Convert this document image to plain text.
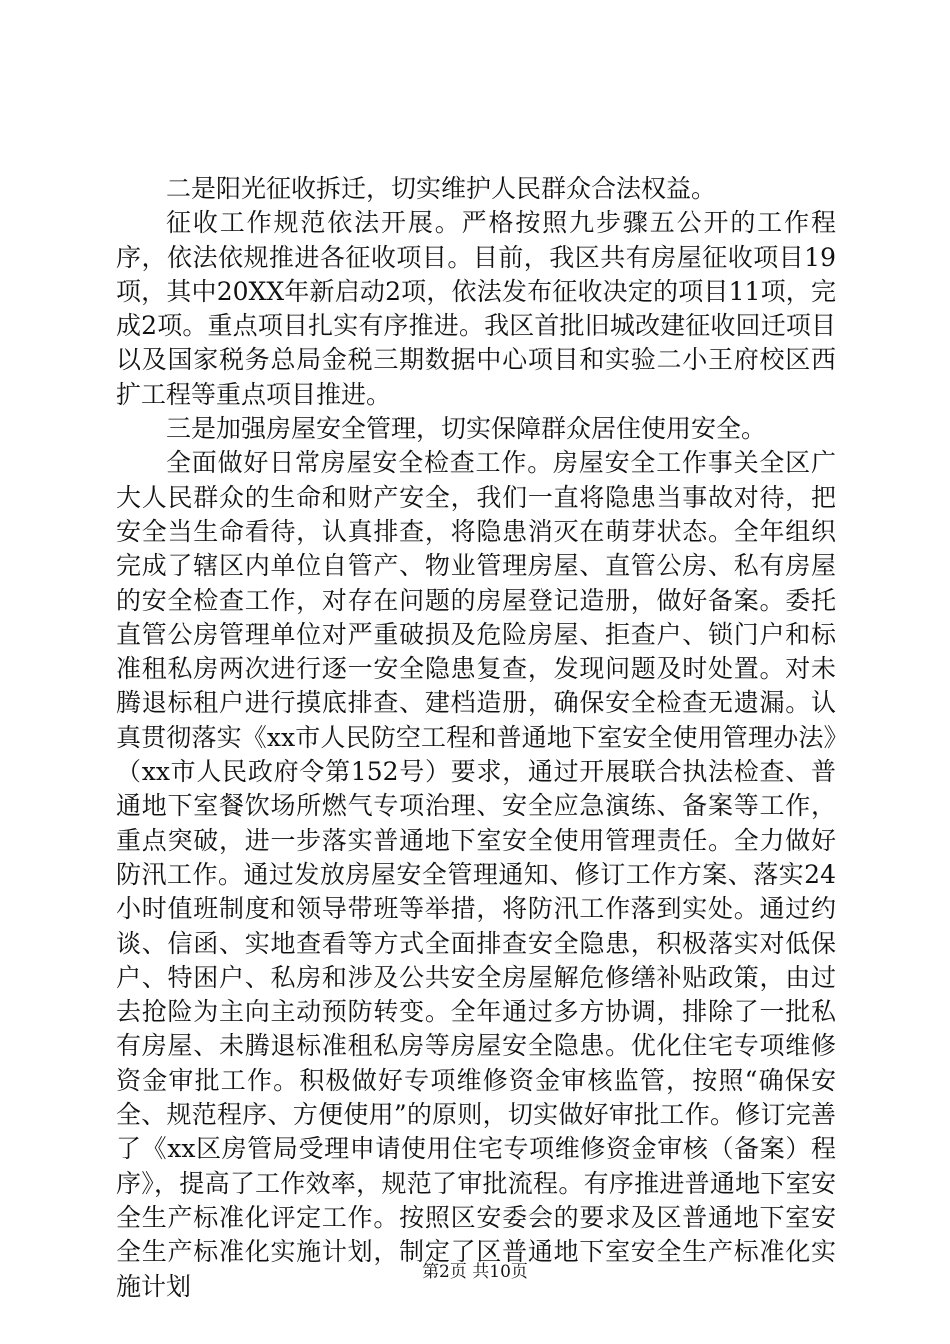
二是阳光征收拆迁，切实维护人民群众合法权益。

征收工作规范依法开展。严格按照九步骤五公开的工作程序，依法依规推进各征收项目。目前，我区共有房屋征收项目19项，其中20XX年新启动2项，依法发布征收决定的项目11项，完成2项。重点项目扎实有序推进。我区首批旧城改建征收回迁项目以及国家税务总局金税三期数据中心项目和实验二小王府校区西扩工程等重点项目推进。

三是加强房屋安全管理，切实保障群众居住使用安全。

全面做好日常房屋安全检查工作。房屋安全工作事关全区广大人民群众的生命和财产安全，我们一直将隐患当事故对待，把安全当生命看待，认真排查，将隐患消灭在萌芽状态。全年组织完成了辖区内单位自管产、物业管理房屋、直管公房、私有房屋的安全检查工作，对存在问题的房屋登记造册，做好备案。委托直管公房管理单位对严重破损及危险房屋、拒查户、锁门户和标准租私房两次进行逐一安全隐患复查，发现问题及时处置。对未腾退标租户进行摸底排查、建档造册，确保安全检查无遗漏。认真贯彻落实《xx市人民防空工程和普通地下室安全使用管理办法》（xx市人民政府令第152号）要求，通过开展联合执法检查、普通地下室餐饮场所燃气专项治理、安全应急演练、备案等工作，重点突破，进一步落实普通地下室安全使用管理责任。全力做好防汛工作。通过发放房屋安全管理通知、修订工作方案、落实24小时值班制度和领导带班等举措，将防汛工作落到实处。通过约谈、信函、实地查看等方式全面排查安全隐患，积极落实对低保户、特困户、私房和涉及公共安全房屋解危修缮补贴政策，由过去抢险为主向主动预防转变。全年通过多方协调，排除了一批私有房屋、未腾退标准租私房等房屋安全隐患。优化住宅专项维修资金审批工作。积极做好专项维修资金审核监管，按照“确保安全、规范程序、方便使用”的原则，切实做好审批工作。修订完善了《xx区房管局受理申请使用住宅专项维修资金审核（备案）程序》，提高了工作效率，规范了审批流程。有序推进普通地下室安全生产标准化评定工作。按照区安委会的要求及区普通地下室安全生产标准化实施计划，制定了区普通地下室安全生产标准化实施计划	第2页 共10页
